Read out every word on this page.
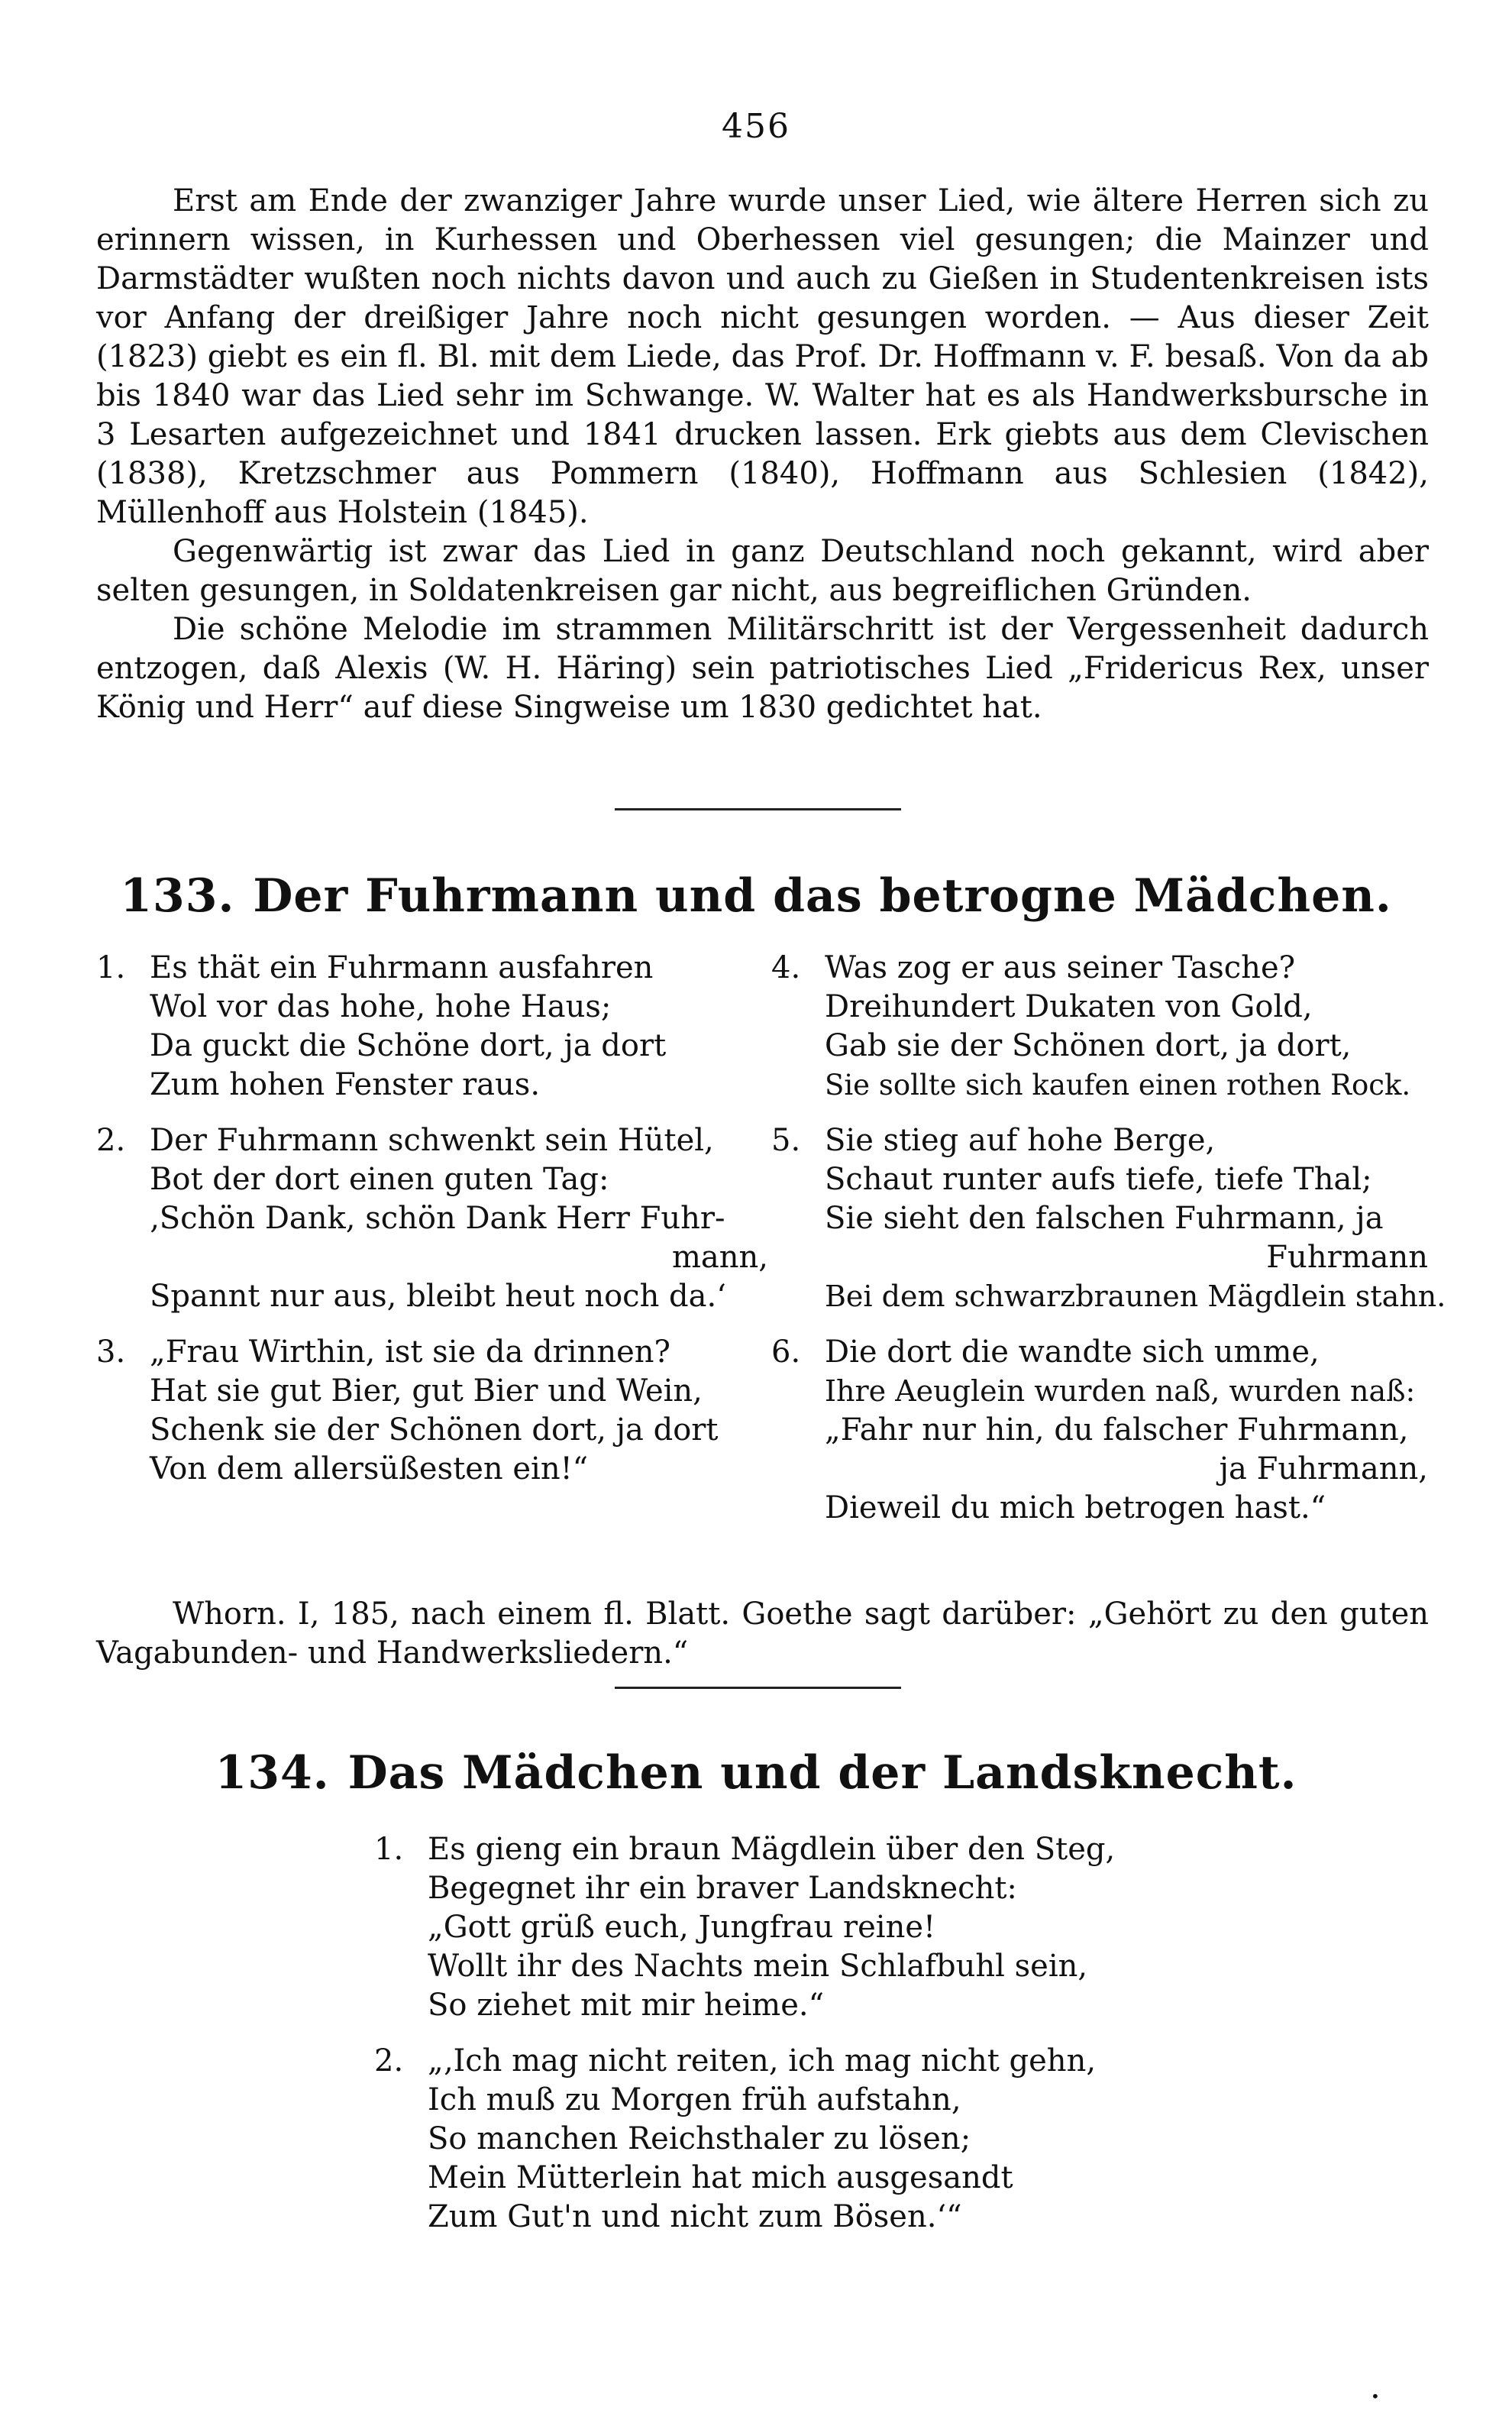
456

Erst am Ende der zwanziger Jahre wurde unser Lied, wie ältere Herren sich zu erinnern wissen, in Kurhessen und Oberhessen viel gesungen; die Mainzer und Darmstädter wußten noch nichts davon und auch zu Gießen in Studentenkreisen ists vor Anfang der dreißiger Jahre noch nicht gesungen worden. — Aus dieser Zeit (1823) giebt es ein fl. Bl. mit dem Liede, das Prof. Dr. Hoffmann v. F. besaß. Von da ab bis 1840 war das Lied sehr im Schwange. W. Walter hat es als Handwerksbursche in 3 Lesarten aufgezeichnet und 1841 drucken lassen. Erk giebts aus dem Clevischen (1838), Kretzschmer aus Pommern (1840), Hoffmann aus Schlesien (1842), Müllenhoff aus Holstein (1845).

Gegenwärtig ist zwar das Lied in ganz Deutschland noch gekannt, wird aber selten gesungen, in Soldatenkreisen gar nicht, aus begreiflichen Gründen.

Die schöne Melodie im strammen Militärschritt ist der Vergessenheit dadurch entzogen, daß Alexis (W. H. Häring) sein patriotisches Lied „Fridericus Rex, unser König und Herr“ auf diese Singweise um 1830 gedichtet hat.

133. Der Fuhrmann und das betrogne Mädchen.
1. Es thät ein Fuhrmann ausfahren
Wol vor das hohe, hohe Haus;
Da guckt die Schöne dort, ja dort
Zum hohen Fenster raus.
2. Der Fuhrmann schwenkt sein Hütel,
Bot der dort einen guten Tag:
‚Schön Dank, schön Dank Herr Fuhr-
mann,
Spannt nur aus, bleibt heut noch da.‘
3. „Frau Wirthin, ist sie da drinnen?
Hat sie gut Bier, gut Bier und Wein,
Schenk sie der Schönen dort, ja dort
Von dem allersüßesten ein!“
4. Was zog er aus seiner Tasche?
Dreihundert Dukaten von Gold,
Gab sie der Schönen dort, ja dort,
Sie sollte sich kaufen einen rothen Rock.
5. Sie stieg auf hohe Berge,
Schaut runter aufs tiefe, tiefe Thal;
Sie sieht den falschen Fuhrmann, ja
Fuhrmann
Bei dem schwarzbraunen Mägdlein stahn.
6. Die dort die wandte sich umme,
Ihre Aeuglein wurden naß, wurden naß:
„Fahr nur hin, du falscher Fuhrmann,
ja Fuhrmann,
Dieweil du mich betrogen hast.“
Whorn. I, 185, nach einem fl. Blatt. Goethe sagt darüber: „Gehört zu den guten Vagabunden- und Handwerksliedern.“
134. Das Mädchen und der Landsknecht.
1. Es gieng ein braun Mägdlein über den Steg,
Begegnet ihr ein braver Landsknecht:
„Gott grüß euch, Jungfrau reine!
Wollt ihr des Nachts mein Schlafbuhl sein,
So ziehet mit mir heime.“
2. „‚Ich mag nicht reiten, ich mag nicht gehn,
Ich muß zu Morgen früh aufstahn,
So manchen Reichsthaler zu lösen;
Mein Mütterlein hat mich ausgesandt
Zum Gut'n und nicht zum Bösen.‘“
•
